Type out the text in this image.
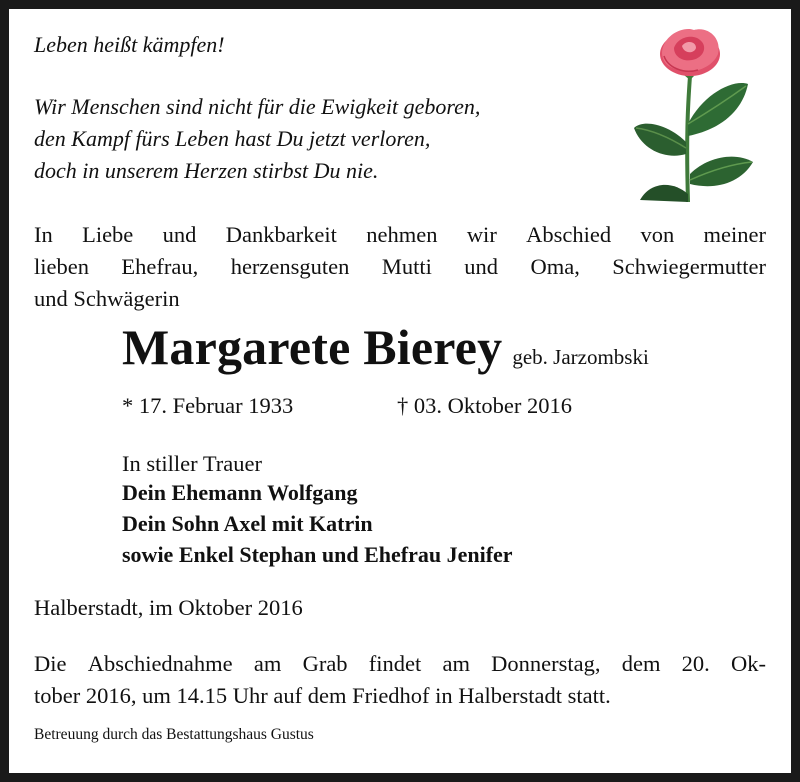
Leben heißt kämpfen!
Wir Menschen sind nicht für die Ewigkeit geboren,
den Kampf fürs Leben hast Du jetzt verloren,
doch in unserem Herzen stirbst Du nie.
In Liebe und Dankbarkeit nehmen wir Abschied von meiner
lieben Ehefrau, herzensguten Mutti und Oma, Schwiegermutter
und Schwägerin
Margarete Bierey geb. Jarzombski
* 17. Februar 1933	† 03. Oktober 2016
In stiller Trauer
Dein Ehemann Wolfgang
Dein Sohn Axel mit Katrin
sowie Enkel Stephan und Ehefrau Jenifer
Halberstadt, im Oktober 2016
Die Abschiednahme am Grab findet am Donnerstag, dem 20. Ok-
tober 2016, um 14.15 Uhr auf dem Friedhof in Halberstadt statt.
Betreuung durch das Bestattungshaus Gustus
